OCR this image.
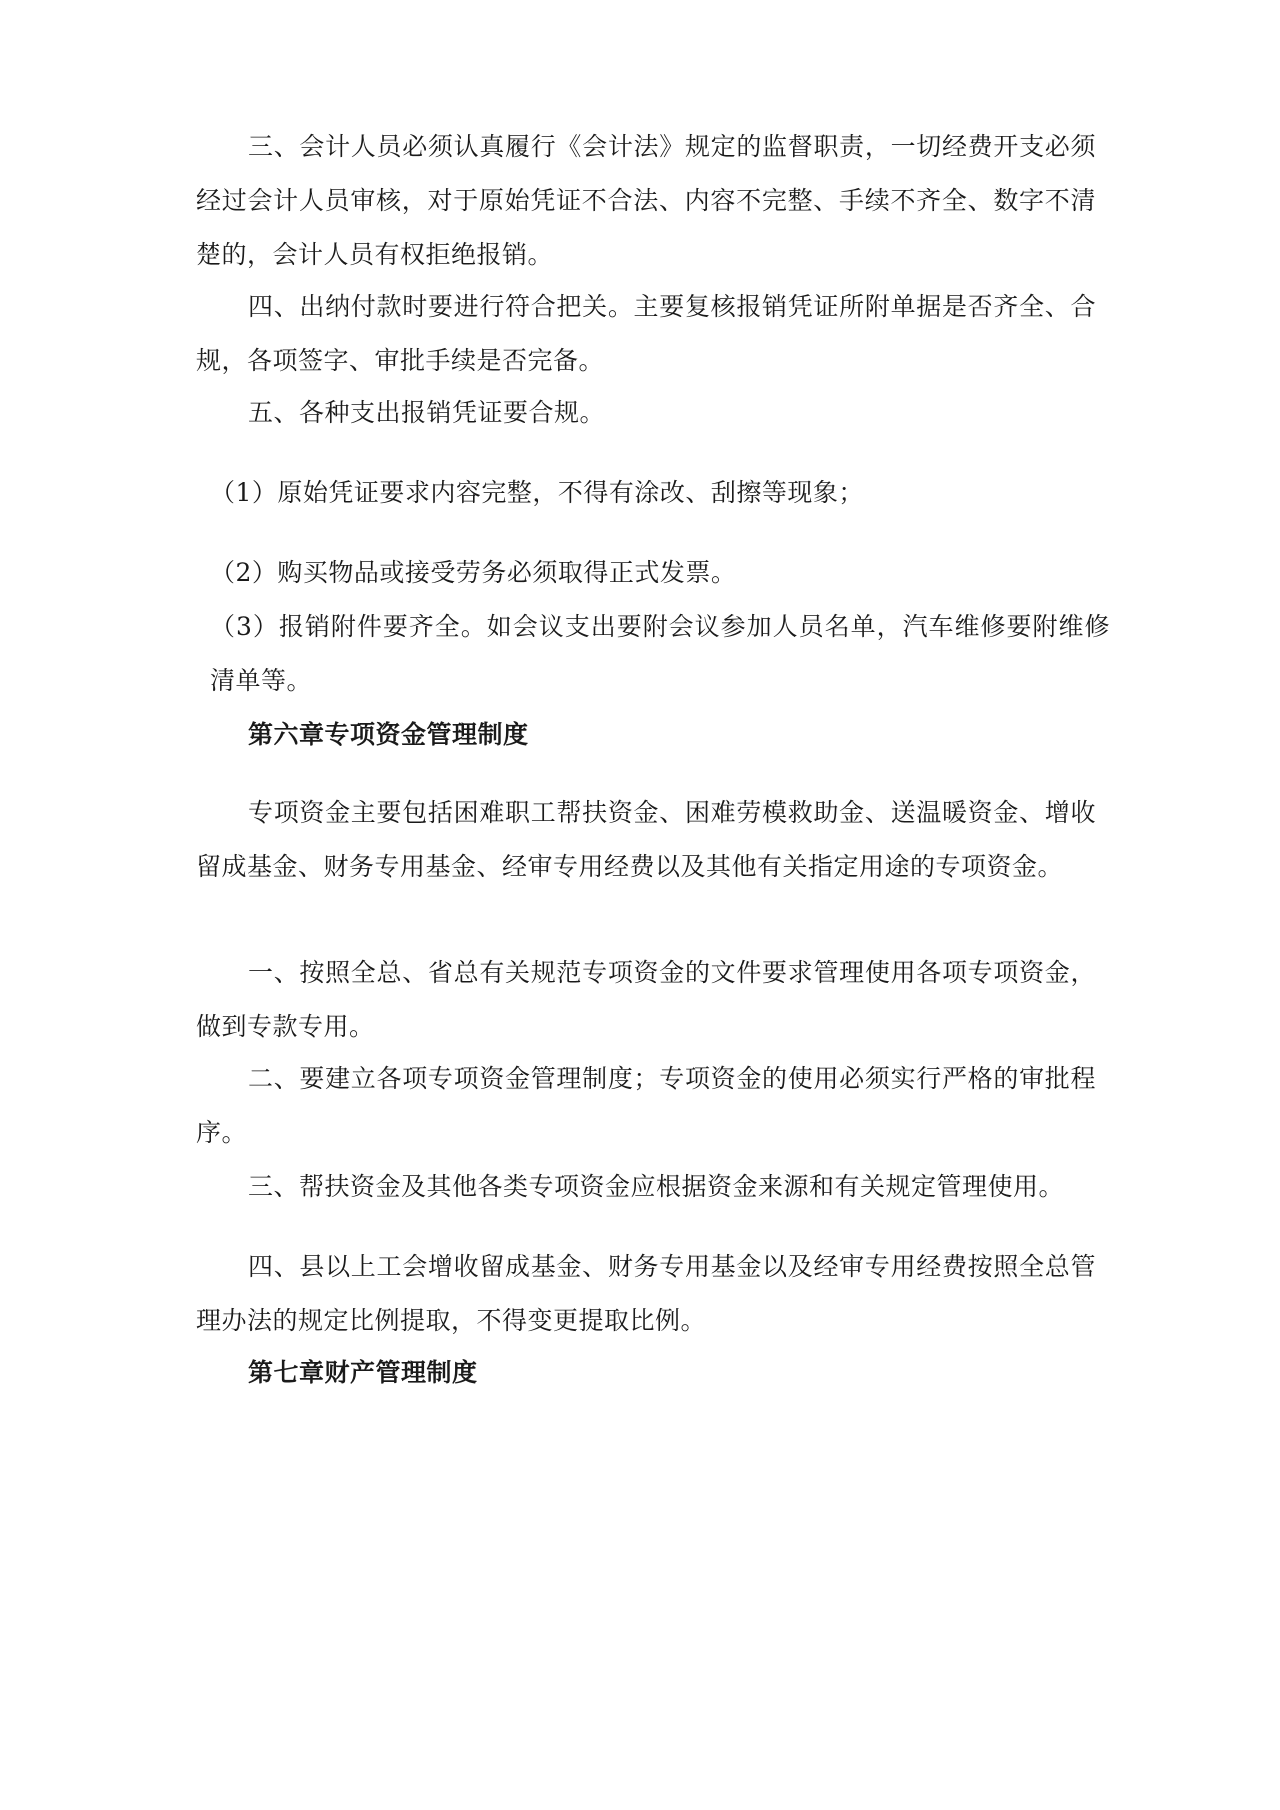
三、会计人员必须认真履行《会计法》规定的监督职责，一切经费开支必须经过会计人员审核，对于原始凭证不合法、内容不完整、手续不齐全、数字不清楚的，会计人员有权拒绝报销。

四、出纳付款时要进行符合把关。主要复核报销凭证所附单据是否齐全、合规，各项签字、审批手续是否完备。

五、各种支出报销凭证要合规。

（1）原始凭证要求内容完整，不得有涂改、刮擦等现象；

（2）购买物品或接受劳务必须取得正式发票。

（3）报销附件要齐全。如会议支出要附会议参加人员名单，汽车维修要附维修清单等。

第六章专项资金管理制度

专项资金主要包括困难职工帮扶资金、困难劳模救助金、送温暖资金、增收留成基金、财务专用基金、经审专用经费以及其他有关指定用途的专项资金。

一、按照全总、省总有关规范专项资金的文件要求管理使用各项专项资金，做到专款专用。

二、要建立各项专项资金管理制度；专项资金的使用必须实行严格的审批程序。

三、帮扶资金及其他各类专项资金应根据资金来源和有关规定管理使用。

四、县以上工会增收留成基金、财务专用基金以及经审专用经费按照全总管理办法的规定比例提取，不得变更提取比例。

第七章财产管理制度
